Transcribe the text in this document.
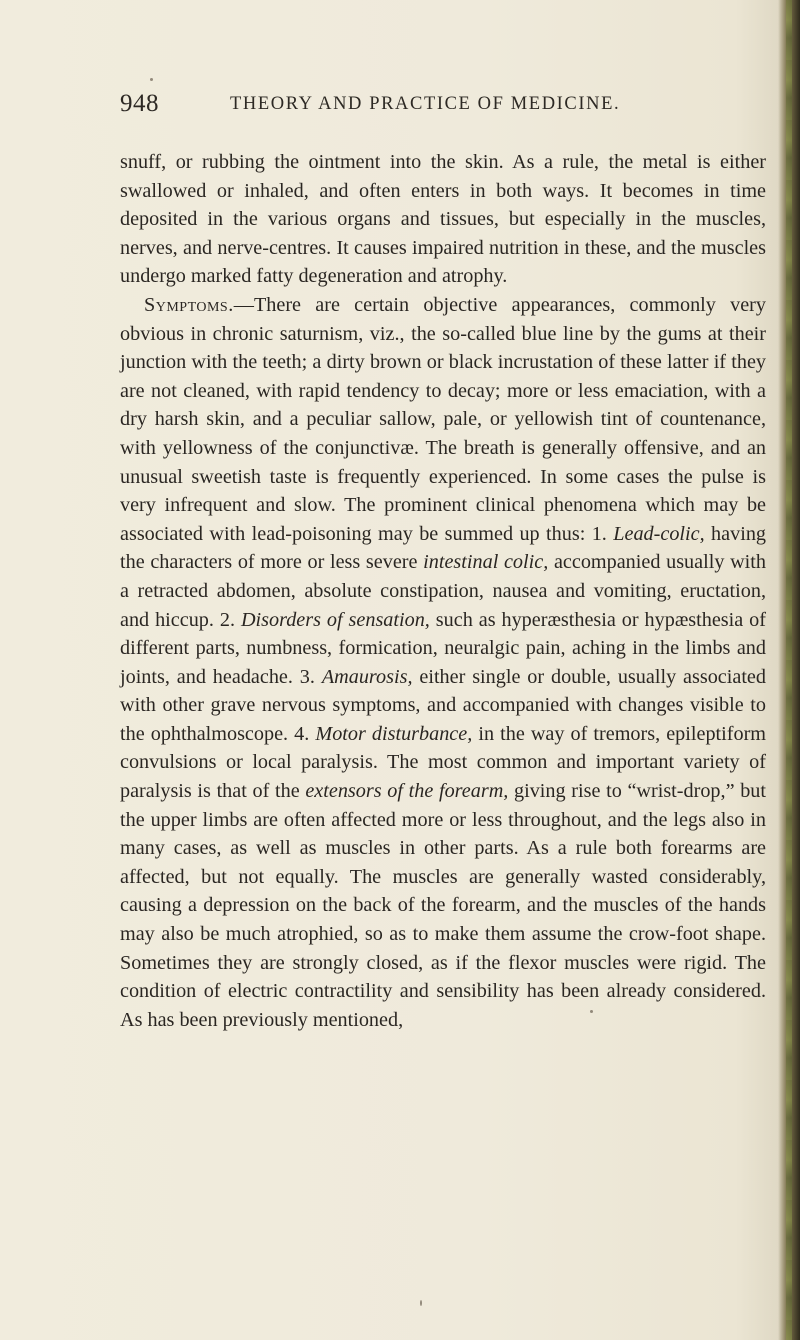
948	THEORY AND PRACTICE OF MEDICINE.

snuff, or rubbing the ointment into the skin. As a rule, the metal is either swallowed or inhaled, and often enters in both ways. It becomes in time deposited in the various organs and tissues, but especially in the muscles, nerves, and nerve-centres. It causes impaired nutrition in these, and the muscles undergo marked fatty degeneration and atrophy.

Symptoms.—There are certain objective appearances, commonly very obvious in chronic saturnism, viz., the so-called blue line by the gums at their junction with the teeth; a dirty brown or black incrustation of these latter if they are not cleaned, with rapid tendency to decay; more or less emaciation, with a dry harsh skin, and a peculiar sallow, pale, or yellowish tint of countenance, with yellowness of the conjunctivæ. The breath is generally offensive, and an unusual sweetish taste is frequently experienced. In some cases the pulse is very infrequent and slow. The prominent clinical phenomena which may be associated with lead-poisoning may be summed up thus: 1. Lead-colic, having the characters of more or less severe intestinal colic, accompanied usually with a retracted abdomen, absolute constipation, nausea and vomiting, eructation, and hiccup. 2. Disorders of sensation, such as hyperæsthesia or hypæsthesia of different parts, numbness, formication, neuralgic pain, aching in the limbs and joints, and headache. 3. Amaurosis, either single or double, usually associated with other grave nervous symptoms, and accompanied with changes visible to the ophthalmoscope. 4. Motor disturbance, in the way of tremors, epileptiform convulsions or local paralysis. The most common and important variety of paralysis is that of the extensors of the forearm, giving rise to “wrist-drop,” but the upper limbs are often affected more or less throughout, and the legs also in many cases, as well as muscles in other parts. As a rule both forearms are affected, but not equally. The muscles are generally wasted considerably, causing a depression on the back of the forearm, and the muscles of the hands may also be much atrophied, so as to make them assume the crow-foot shape. Sometimes they are strongly closed, as if the flexor muscles were rigid. The condition of electric contractility and sensibility has been already considered. As has been previously mentioned,
